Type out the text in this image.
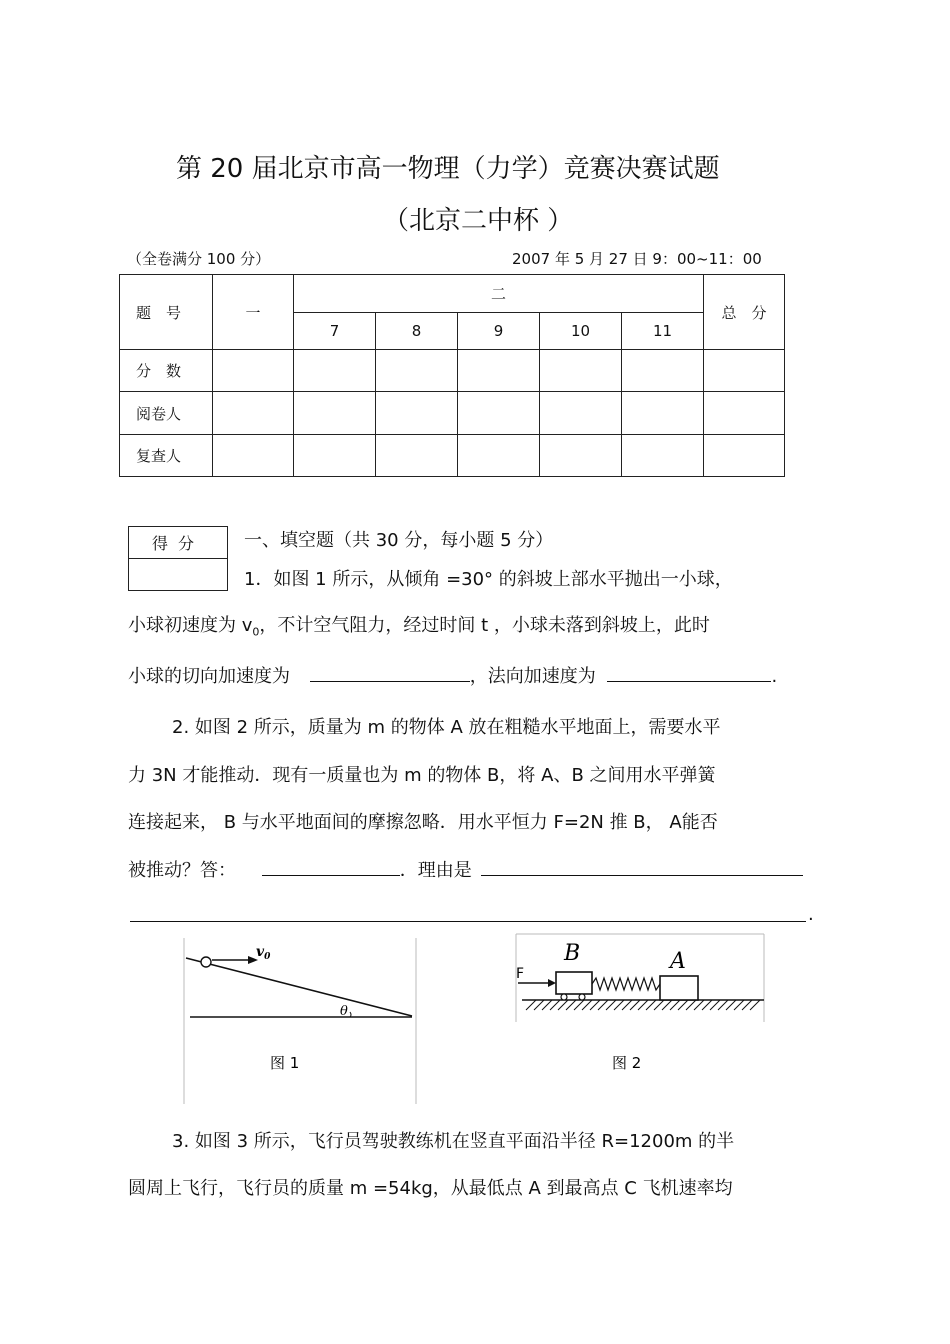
第 20 届北京市高一物理（力学）竞赛决赛试题
（北京二中杯 ）
（全卷满分 100 分）	2007 年 5 月 27 日 9：00~11：00
题　号	一	二					总　分
		7	8	9	10	11	
分　数							
阅卷人							
复查人							
得分 一、填空题（共 30 分，每小题 5 分）
1．如图 1 所示，从倾角 =30° 的斜坡上部水平抛出一小球，
小球初速度为 $v_0$，不计空气阻力，经过时间 t ，小球未落到斜坡上，此时
小球的切向加速度为	，法向加速度为	.
2. 如图 2 所示，质量为 m 的物体 A 放在粗糙水平地面上，需要水平
力 3N 才能推动．现有一质量也为 m 的物体 B，将 A、B 之间用水平弹簧
连接起来， B 与水平地面间的摩擦忽略．用水平恒力 F=2N 推 B， A能否
被推动？答：	．理由是
.
$v_0$
θ
图 1
F
B	A
图 2
3. 如图 3 所示，飞行员驾驶教练机在竖直平面沿半径 R=1200m 的半
圆周上飞行，飞行员的质量 m =54kg，从最低点 A 到最高点 C 飞机速率均
